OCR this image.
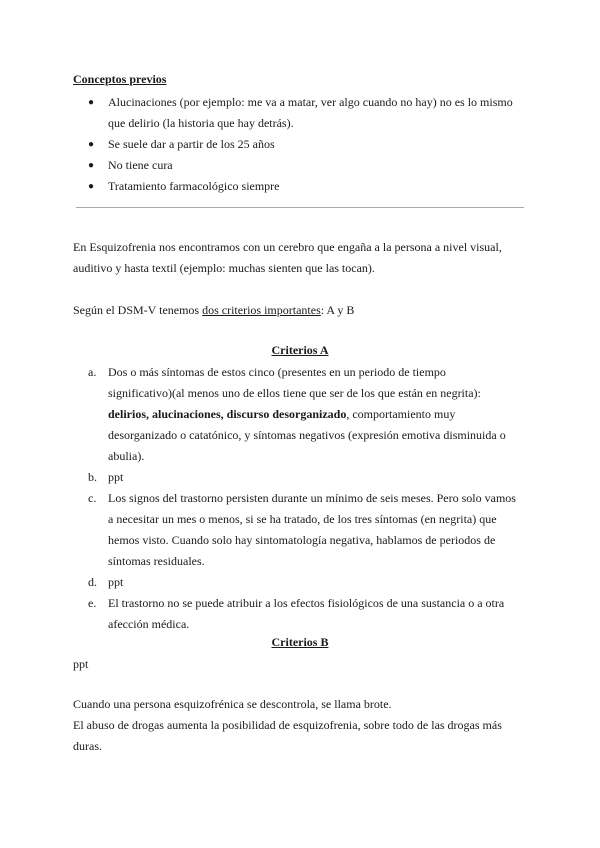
Conceptos previos
● Alucinaciones (por ejemplo: me va a matar, ver algo cuando no hay) no es lo mismo
que delirio (la historia que hay detrás).
● Se suele dar a partir de los 25 años
● No tiene cura
● Tratamiento farmacológico siempre
En Esquizofrenia nos encontramos con un cerebro que engaña a la persona a nivel visual,
auditivo y hasta textil (ejemplo: muchas sienten que las tocan).
Según el DSM-V tenemos dos criterios importantes: A y B
Criterios A
a. Dos o más síntomas de estos cinco (presentes en un periodo de tiempo
significativo)(al menos uno de ellos tiene que ser de los que están en negrita):
delirios, alucinaciones, discurso desorganizado, comportamiento muy
desorganizado o catatónico, y síntomas negativos (expresión emotiva disminuida o
abulia).
b. ppt
c. Los signos del trastorno persisten durante un mínimo de seis meses. Pero solo vamos
a necesitar un mes o menos, si se ha tratado, de los tres síntomas (en negrita) que
hemos visto. Cuando solo hay sintomatología negativa, hablamos de periodos de
síntomas residuales.
d. ppt
e. El trastorno no se puede atribuir a los efectos fisiológicos de una sustancia o a otra
afección médica.
Criterios B
ppt
Cuando una persona esquizofrénica se descontrola, se llama brote.
El abuso de drogas aumenta la posibilidad de esquizofrenia, sobre todo de las drogas más
duras.
